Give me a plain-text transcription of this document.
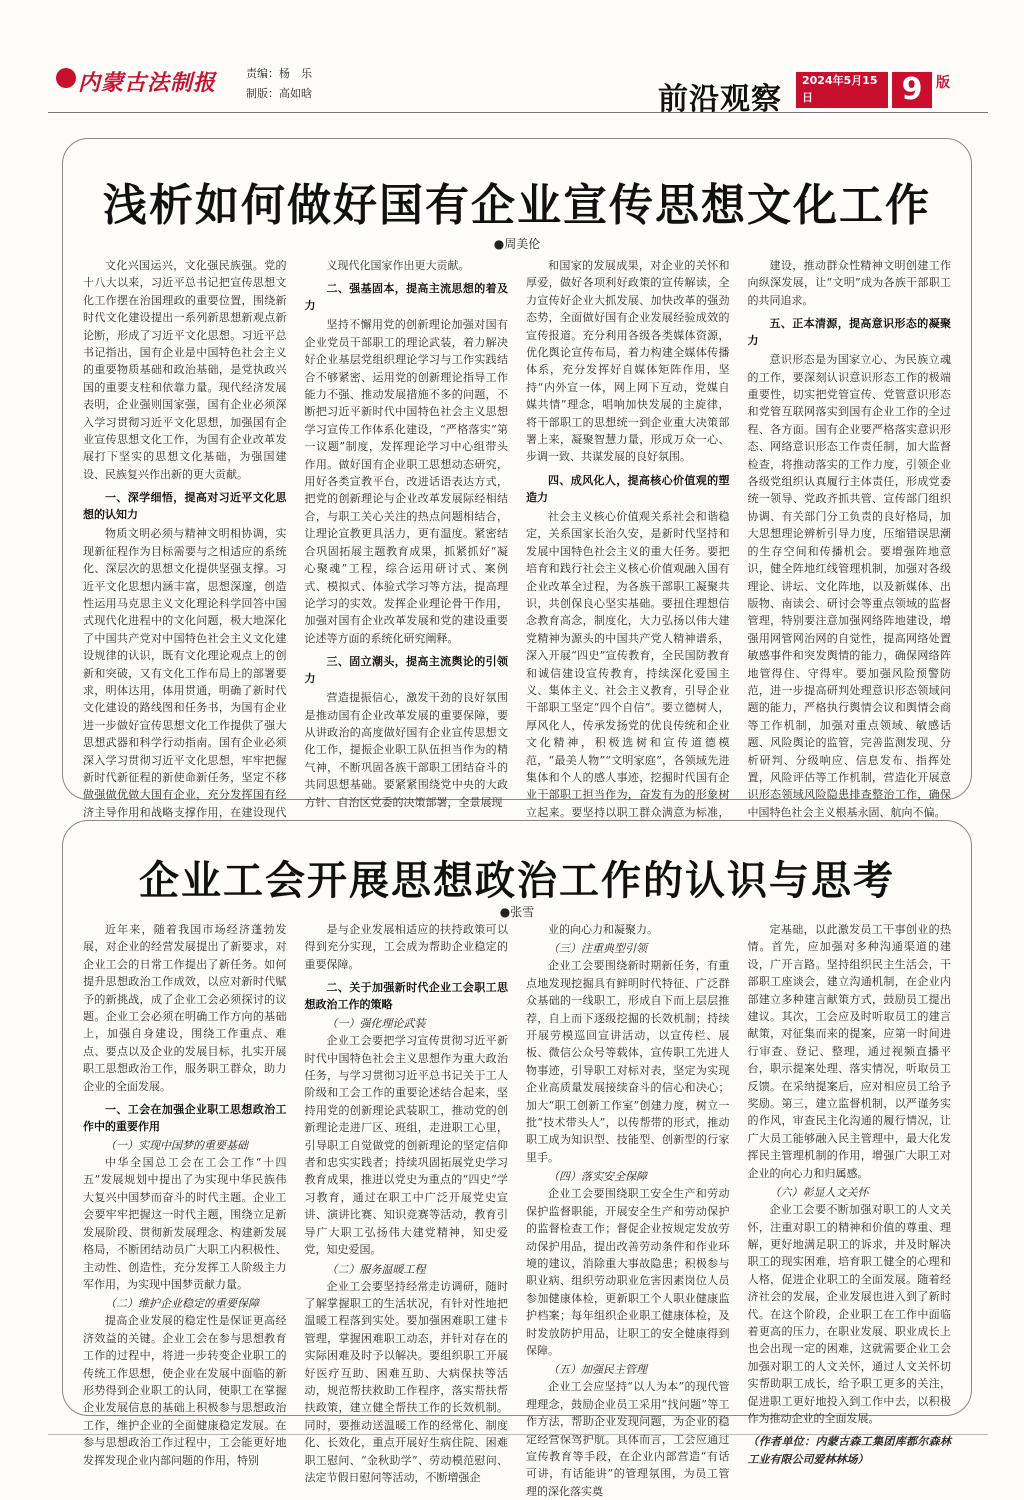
内蒙古法制报	责编：杨　乐
制版：高如晗	前沿观察
2024年5月15日
星期三
9 版
浅析如何做好国有企业宣传思想文化工作
●周美伦

文化兴国运兴，文化强民族强。党的十八大以来，习近平总书记把宣传思想文化工作摆在治国理政的重要位置，围绕新时代文化建设提出一系列新思想新观点新论断，形成了习近平文化思想。习近平总书记指出，国有企业是中国特色社会主义的重要物质基础和政治基础，是党执政兴国的重要支柱和依靠力量。现代经济发展表明，企业强则国家强，国有企业必须深入学习贯彻习近平文化思想，加强国有企业宣传思想文化工作，为国有企业改革发展打下坚实的思想文化基础，为强国建设、民族复兴作出新的更大贡献。

一、深学细悟，提高对习近平文化思想的认知力

物质文明必须与精神文明相协调，实现新征程作为目标需要与之相适应的系统化、深层次的思想文化提供坚强支撑。习近平文化思想内涵丰富，思想深邃，创造性运用马克思主义文化理论科学回答中国式现代化进程中的文化问题，极大地深化了中国共产党对中国特色社会主义文化建设规律的认识，既有文化理论观点上的创新和突破，又有文化工作布局上的部署要求，明体达用，体用贯通，明确了新时代文化建设的路线图和任务书，为国有企业进一步做好宣传思想文化工作提供了强大思想武器和科学行动指南。国有企业必须深入学习贯彻习近平文化思想，牢牢把握新时代新征程的新使命新任务，坚定不移做强做优做大国有企业，充分发挥国有经济主导作用和战略支撑作用，在建设现代

义现代化国家作出更大贡献。

二、强基固本，提高主流思想的着及力

坚持不懈用党的创新理论加强对国有企业党员干部职工的理论武装，着力解决好企业基层党组织理论学习与工作实践结合不够紧密、运用党的创新理论指导工作能力不强、推动发展措施不多的问题，不断把习近平新时代中国特色社会主义思想学习宣传工作体系化建设，“严格落实”第一议题”制度，发挥理论学习中心组带头作用。做好国有企业职工思想动态研究，用好各类宣教平台，改进话语表达方式，把党的创新理论与企业改革发展际经相结合，与职工关心关注的热点问题相结合，让理论宣教更具活力，更有温度。紧密结合巩固拓展主题教育成果，抓紧抓好“凝心聚魂”工程，综合运用研讨式、案例式、模拟式、体验式学习等方法，提高理论学习的实效。发挥企业理论骨干作用，加强对国有企业改革发展和党的建设重要论述等方面的系统化研究阐释。

三、固立潮头，提高主流舆论的引领力

营造提振信心，激发干劲的良好氛围是推动国有企业改革发展的重要保障，要从讲政治的高度做好国有企业宣传思想文化工作，提振企业职工队伍担当作为的精气神，不断巩固各族干部职工团结奋斗的共同思想基础。要紧紧围绕党中央的大政方针、自治区党委的决策部署，全景展现

和国家的发展成果，对企业的关怀和厚爱，做好各项利好政策的宣传解读，全力宣传好企业大抓发展、加快改革的强劲态势，全面做好国有企业发展经验成效的宣传报道。充分利用各级各类媒体资源，优化舆论宣传布局，着力构建全媒体传播体系，充分发挥好自媒体矩阵作用，坚持“内外宣一体，网上网下互动，党媒自媒共情”理念，唱响加快发展的主旋律，将干部职工的思想统一到企业重大决策部署上来，凝聚智慧力量，形成万众一心、步调一致、共谋发展的良好氛围。

四、成风化人，提高核心价值观的塑造力

社会主义核心价值观关系社会和谐稳定，关系国家长治久安，是新时代坚持和发展中国特色社会主义的重大任务。要把培育和践行社会主义核心价值观融入国有企业改革全过程，为各族干部职工凝聚共识，共创保良心坚实基础。要扭住理想信念教育高念，制度化，大力弘扬以伟大建党精神为源头的中国共产党人精神谱系，深入开展“四史”宣传教育，全民国防教育和诚信建设宣传教育，持续深化爱国主义、集体主义、社会主义教育，引导企业干部职工坚定“四个自信”。要立德树人，厚风化人，传承发扬党的优良传统和企业文化精神，积极选树和宣传道德模范，“最美人物”“文明家庭”，各领域先进集体和个人的感人事迹，挖掘时代国有企业干部职工担当作为，奋发有为的形象树立起来。要坚持以职工群众满意为标准，

建设，推动群众性精神文明创建工作向纵深发展，让“文明”成为各族干部职工的共同追求。

五、正本清源，提高意识形态的凝聚力

意识形态是为国家立心、为民族立魂的工作，要深刻认识意识形态工作的极端重要性，切实把党管宣传、党管意识形态和党管互联网落实到国有企业工作的全过程、各方面。国有企业要严格落实意识形态、网络意识形态工作责任制，加大监督检查，将推动落实的工作力度，引领企业各级党组织认真履行主体责任，形成党委统一领导、党政齐抓共管、宣传部门组织协调、有关部门分工负责的良好格局，加大思想理论辨析引导力度，压缩错误思潮的生存空间和传播机会。要增强阵地意识，健全阵地红线管理机制，加强对各级理论、讲坛、文化阵地，以及新媒体、出版物、南读会、研讨会等重点领域的监督管理，特别要注意加强网络阵地建设，增强用网管网治网的自觉性，提高网络处置敏感事件和突发舆情的能力，确保网络阵地管得住、守得牢。要加强风险预警防范，进一步提高研判处理意识形态领域问题的能力，严格执行舆情会议和舆情会商等工作机制，加强对重点领域、敏感话题、风险舆论的监管，完善监测发现、分析研判、分级响应、信息发布、指挥处置，风险评估等工作机制，营造化开展意识形态领域风险隐患排查整治工作，确保中国特色社会主义根基永固、航向不偏。

（ ）

企业工会开展思想政治工作的认识与思考
●张雪

近年来，随着我国市场经济蓬勃发展，对企业的经营发展提出了新要求，对企业工会的日常工作提出了新任务。如何提升思想政治工作成效，以应对新时代赋予的新挑战，成了企业工会必须探讨的议题。企业工会必须在明确工作方向的基础上，加强自身建设，围绕工作重点、难点、要点以及企业的发展目标，扎实开展职工思想政治工作，服务职工群众，助力企业的全面发展。

一、工会在加强企业职工思想政治工作中的重要作用
（一）实现中国梦的重要基础

中华全国总工会在工会工作“十四五”发展规划中提出了为实现中华民族伟大复兴中国梦而奋斗的时代主题。企业工会要牢牢把握这一时代主题，围绕立足新发展阶段、贯彻新发展理念、构建新发展格局，不断团结动员广大职工内积极性、主动性、创造性，充分发挥工人阶级主力军作用，为实现中国梦贡献力量。

（二）维护企业稳定的重要保障

提高企业发展的稳定性是保证更高经济效益的关键。企业工会在参与思想教育工作的过程中，将进一步转变企业职工的传统工作思想，使企业在发展中面临的新形势得到企业职工的认同，使职工在掌握企业发展信息的基础上积极参与思想政治工作，维护企业的全面健康稳定发展。在参与思想政治工作过程中，工会能更好地发挥发现企业内部问题的作用，特别

是与企业发展相适应的扶持政策可以得到充分实现，工会成为帮助企业稳定的重要保障。

二、关于加强新时代企业工会职工思想政治工作的策略
（一）强化理论武装

企业工会要把学习宣传贯彻习近平新时代中国特色社会主义思想作为重大政治任务，与学习贯彻习近平总书记关于工人阶级和工会工作的重要论述结合起来，坚持用党的创新理论武装职工，推动党的创新理论走进厂区、班组，走进职工心里，引导职工自觉做党的创新理论的坚定信仰者和忠实实践者；持续巩固拓展党史学习教育成果，推进以党史为重点的“四史”学习教育，通过在职工中广泛开展党史宣讲、演讲比赛、知识竞赛等活动，教育引导广大职工弘扬伟大建党精神，知史爱党，知史爱国。

（二）服务温暖工程

企业工会要坚持经常走访调研，随时了解掌握职工的生活状况，有针对性地把温暖工程落到实处。要加强困难职工建卡管理，掌握困难职工动态，并针对存在的实际困难及时予以解决。要组织职工开展好医疗互助、困难互助、大病保扶等活动，规范帮扶救助工作程序，落实帮扶帮扶政策，建立健全帮扶工作的长效机制。同时，要推动送温暖工作的经常化、制度化、长效化，重点开展好生病住院、困难职工慰问、“金秋助学”、劳动模范慰问、法定节假日慰问等活动，不断增强企

业的向心力和凝聚力。

（三）注重典型引领

企业工会要围绕新时期新任务，有重点地发现挖掘具有鲜明时代特征、广泛群众基础的一线职工，形成自下而上层层推荐，自上而下逐级挖掘的长效机制；持续开展劳模巡回宣讲活动，以宣传栏、展板、微信公众号等载体，宣传职工先进人物事迹，引导职工对标对表，坚定为实现企业高质量发展接续奋斗的信心和决心；加大“职工创新工作室”创建力度，树立一批“技术带头人”，以传帮带的形式，推动职工成为知识型、技能型、创新型的行家里手。

（四）落实安全保障

企业工会要围绕职工安全生产和劳动保护监督职能，开展安全生产和劳动保护的监督检查工作；督促企业按规定发放劳动保护用品，提出改善劳动条件和作业环境的建议，消除重大事故隐患；积极参与职业病、组织劳动职业危害因素岗位人员参加健康体检，更新职工个人职业健康监护档案；每年组织企业职工健康体检，及时发放防护用品，让职工的安全健康得到保障。

（五）加强民主管理

企业工会应坚持“以人为本”的现代管理理念，鼓励企业员工采用“找问题”等工作方法，帮助企业发现问题，为企业的稳定经营保驾护航。具体而言，工会应通过宣传教育等手段，在企业内部营造“有话可讲，有话能讲”的管理氛围，为员工管理的深化落实奠

定基础，以此激发员工干事创业的热情。首先，应加强对多种沟通渠道的建设，广开言路。坚持组织民主生活会，干部职工座谈会，建立沟通机制，在企业内部建立多种建言献策方式，鼓励员工提出建议。其次，工会应及时听取员工的建言献策，对征集而来的提案，应第一时间进行审查、登记、整理，通过视频直播平台，职示提案处理、落实情况，听取员工反馈。在采纳提案后，应对相应员工给予奖励。第三，建立监督机制，以严谨务实的作风，审查民主化沟通的履行情况，让广大员工能够融入民主管理中，最大化发挥民主管理机制的作用，增强广大职工对企业的向心力和归属感。

（六）彰显人文关怀

企业工会要不断加强对职工的人文关怀，注重对职工的精神和价值的尊重、理解，更好地满足职工的诉求，并及时解决职工的现实困难，培育职工健全的心理和人格，促进企业职工的全面发展。随着经济社会的发展，企业发展也进入到了新时代。在这个阶段，企业职工在工作中面临着更高的压力，在职业发展、职业成长上也会出现一定的困难，这就需要企业工会加强对职工的人文关怀，通过人文关怀切实帮助职工成长，给予职工更多的关注，促进职工更好地投入到工作中去，以积极作为推动企业的全面发展。

（ 作者单位：内蒙古森工集团库都尔森林工业有限公司爱林林场 ）
